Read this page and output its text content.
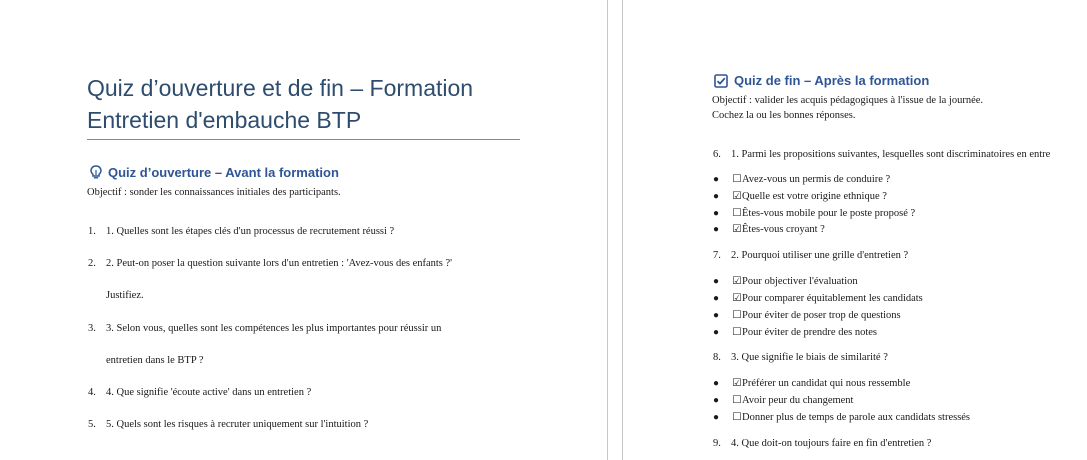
Quiz d’ouverture et de fin – Formation
Entretien d'embauche BTP
Quiz d’ouverture – Avant la formation
Objectif : sonder les connaissances initiales des participants.
1. 1. Quelles sont les étapes clés d'un processus de recrutement réussi ?
2. 2. Peut-on poser la question suivante lors d'un entretien : 'Avez-vous des enfants ?'
Justifiez.
3. 3. Selon vous, quelles sont les compétences les plus importantes pour réussir un
entretien dans le BTP ?
4. 4. Que signifie 'écoute active' dans un entretien ?
5. 5. Quels sont les risques à recruter uniquement sur l'intuition ?
Quiz de fin – Après la formation
Objectif : valider les acquis pédagogiques à l'issue de la journée.
Cochez la ou les bonnes réponses.
6. 1. Parmi les propositions suivantes, lesquelles sont discriminatoires en entre
● ☐ Avez-vous un permis de conduire ?
● ☑ Quelle est votre origine ethnique ?
● ☐ Êtes-vous mobile pour le poste proposé ?
● ☑ Êtes-vous croyant ?
7. 2. Pourquoi utiliser une grille d'entretien ?
● ☑ Pour objectiver l'évaluation
● ☑ Pour comparer équitablement les candidats
● ☐ Pour éviter de poser trop de questions
● ☐ Pour éviter de prendre des notes
8. 3. Que signifie le biais de similarité ?
● ☑ Préférer un candidat qui nous ressemble
● ☐ Avoir peur du changement
● ☐ Donner plus de temps de parole aux candidats stressés
9. 4. Que doit-on toujours faire en fin d'entretien ?
